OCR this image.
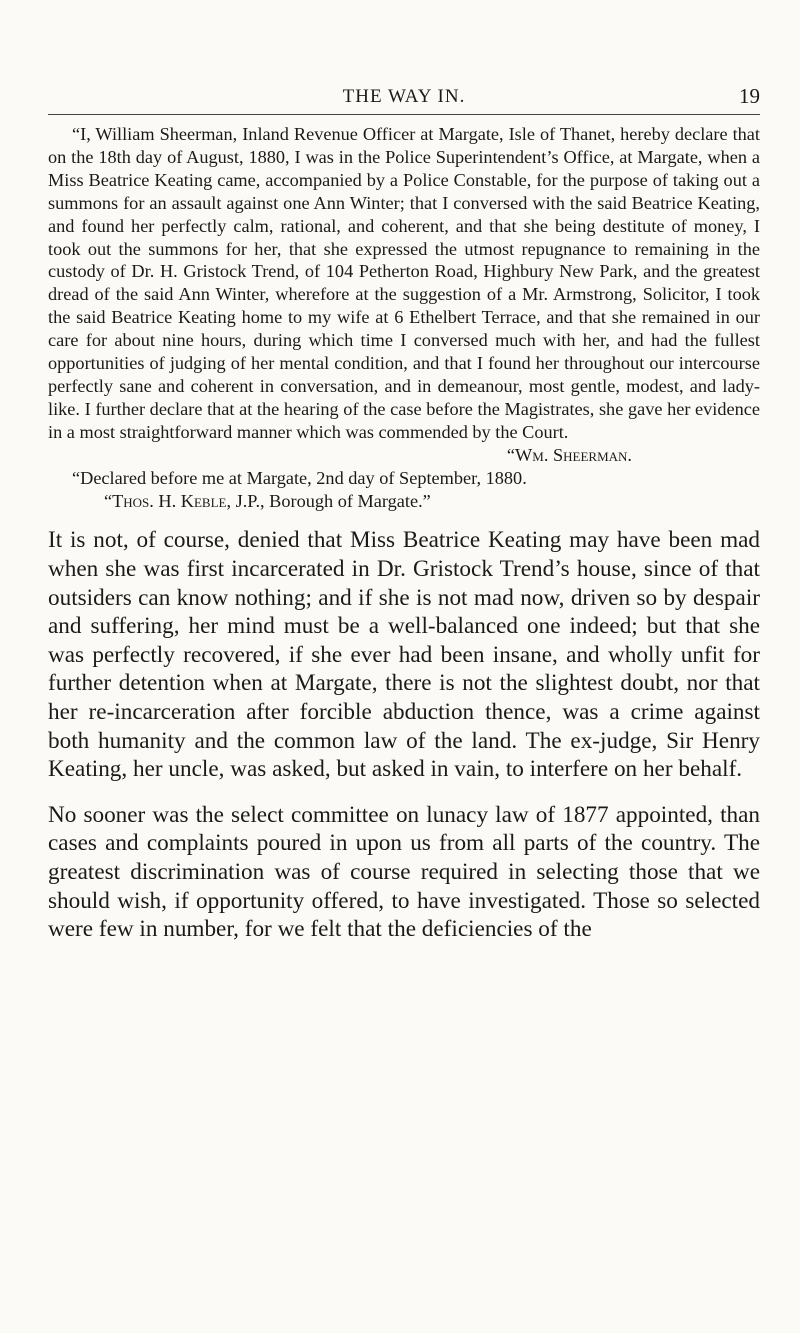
THE WAY IN.	19

“I, William Sheerman, Inland Revenue Officer at Margate, Isle of Thanet, hereby declare that on the 18th day of August, 1880, I was in the Police Superintendent’s Office, at Margate, when a Miss Beatrice Keating came, accompanied by a Police Constable, for the purpose of taking out a summons for an assault against one Ann Winter; that I conversed with the said Beatrice Keating, and found her perfectly calm, rational, and coherent, and that she being destitute of money, I took out the summons for her, that she expressed the utmost repugnance to remaining in the custody of Dr. H. Gristock Trend, of 104 Petherton Road, Highbury New Park, and the greatest dread of the said Ann Winter, wherefore at the suggestion of a Mr. Armstrong, Solicitor, I took the said Beatrice Keating home to my wife at 6 Ethelbert Terrace, and that she remained in our care for about nine hours, during which time I conversed much with her, and had the fullest opportunities of judging of her mental condition, and that I found her throughout our intercourse perfectly sane and coherent in conversation, and in demeanour, most gentle, modest, and lady-like. I further declare that at the hearing of the case before the Magistrates, she gave her evidence in a most straightforward manner which was commended by the Court.

“Wm. Sheerman.

“Declared before me at Margate, 2nd day of September, 1880.

“Thos. H. Keble, J.P., Borough of Margate.”

It is not, of course, denied that Miss Beatrice Keating may have been mad when she was first incarcerated in Dr. Gristock Trend’s house, since of that outsiders can know nothing; and if she is not mad now, driven so by despair and suffering, her mind must be a well-balanced one indeed; but that she was perfectly recovered, if she ever had been insane, and wholly unfit for further detention when at Margate, there is not the slightest doubt, nor that her re-incarceration after forcible abduction thence, was a crime against both humanity and the common law of the land. The ex-judge, Sir Henry Keating, her uncle, was asked, but asked in vain, to interfere on her behalf.

No sooner was the select committee on lunacy law of 1877 appointed, than cases and complaints poured in upon us from all parts of the country. The greatest discrimination was of course required in selecting those that we should wish, if opportunity offered, to have investigated. Those so selected were few in number, for we felt that the deficiencies of the
